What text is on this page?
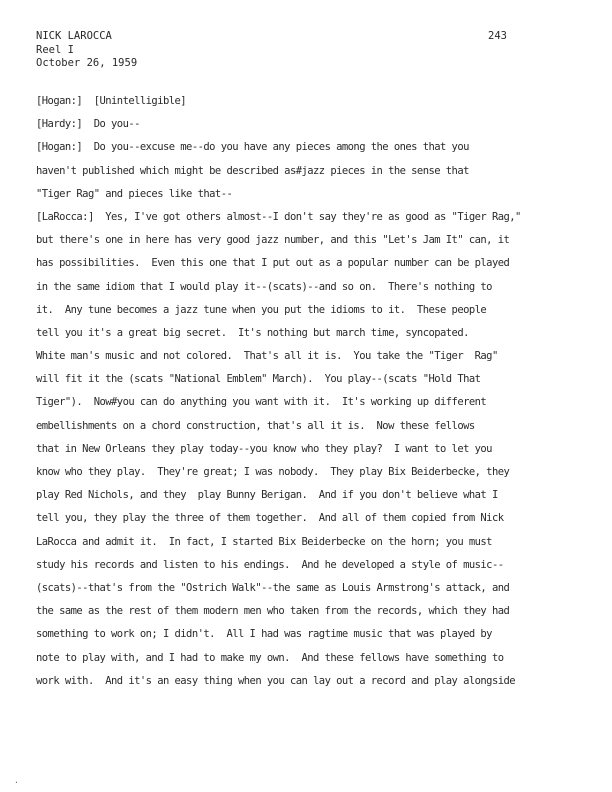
NICK LAROCCA
Reel I
October 26, 1959
243
[Hogan:]  [Unintelligible]
[Hardy:]  Do you--
[Hogan:]  Do you--excuse me--do you have any pieces among the ones that you
haven't published which might be described as#jazz pieces in the sense that
"Tiger Rag" and pieces like that--
[LaRocca:]  Yes, I've got others almost--I don't say they're as good as "Tiger Rag,"
but there's one in here has very good jazz number, and this "Let's Jam It" can, it
has possibilities.  Even this one that I put out as a popular number can be played
in the same idiom that I would play it--(scats)--and so on.  There's nothing to
it.  Any tune becomes a jazz tune when you put the idioms to it.  These people
tell you it's a great big secret.  It's nothing but march time, syncopated.
White man's music and not colored.  That's all it is.  You take the "Tiger  Rag"
will fit it the (scats "National Emblem" March).  You play--(scats "Hold That
Tiger").  Now#you can do anything you want with it.  It's working up different
embellishments on a chord construction, that's all it is.  Now these fellows
that in New Orleans they play today--you know who they play?  I want to let you
know who they play.  They're great; I was nobody.  They play Bix Beiderbecke, they
play Red Nichols, and they  play Bunny Berigan.  And if you don't believe what I
tell you, they play the three of them together.  And all of them copied from Nick
LaRocca and admit it.  In fact, I started Bix Beiderbecke on the horn; you must
study his records and listen to his endings.  And he developed a style of music--
(scats)--that's from the "Ostrich Walk"--the same as Louis Armstrong's attack, and
the same as the rest of them modern men who taken from the records, which they had
something to work on; I didn't.  All I had was ragtime music that was played by
note to play with, and I had to make my own.  And these fellows have something to
work with.  And it's an easy thing when you can lay out a record and play alongside
·
